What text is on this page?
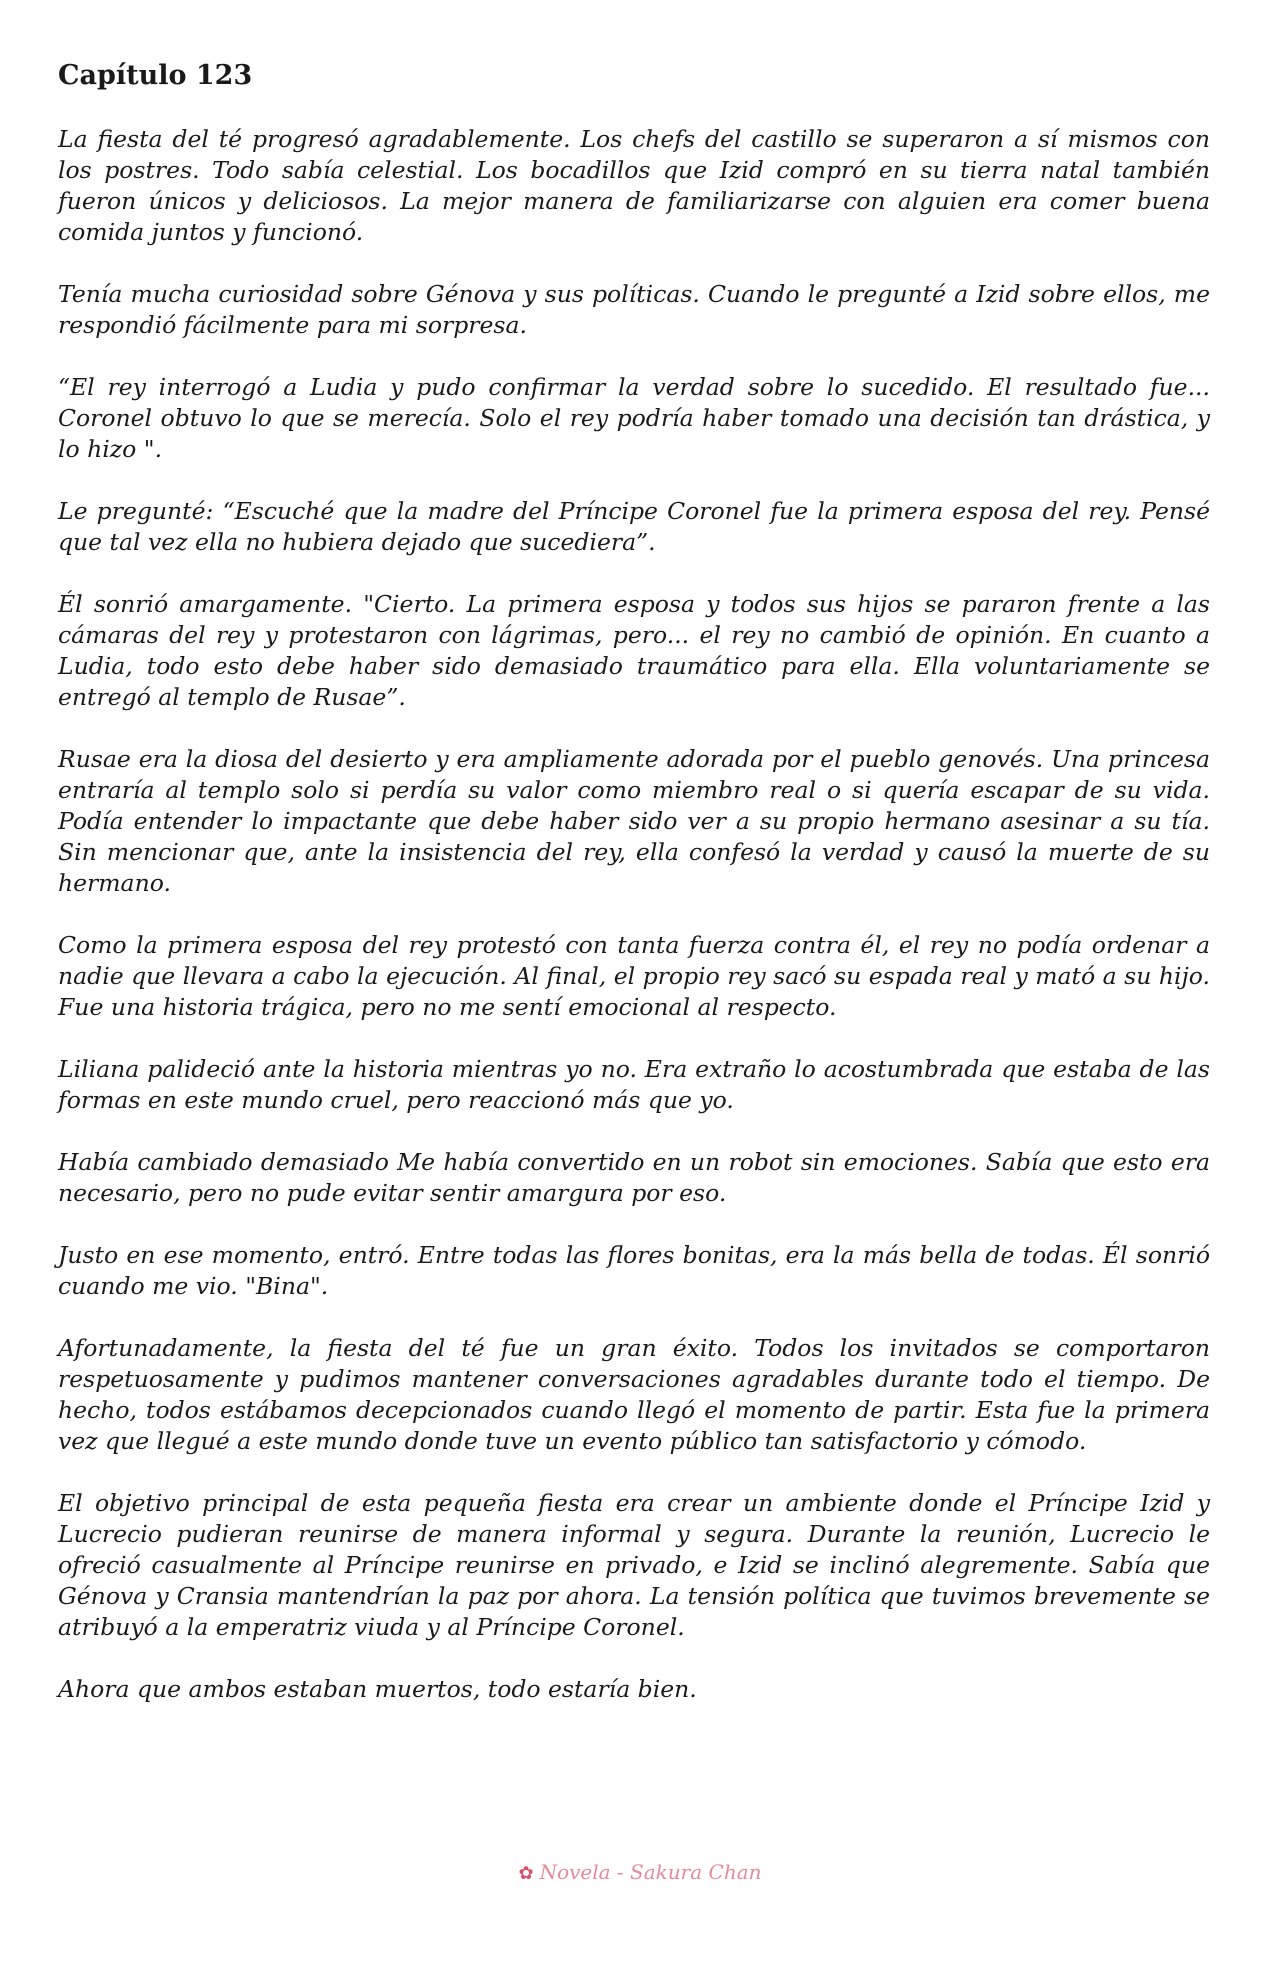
Capítulo 123

La fiesta del té progresó agradablemente. Los chefs del castillo se superaron a sí mismos con los postres. Todo sabía celestial. Los bocadillos que Izid compró en su tierra natal también fueron únicos y deliciosos. La mejor manera de familiarizarse con alguien era comer buena comida juntos y funcionó.

Tenía mucha curiosidad sobre Génova y sus políticas. Cuando le pregunté a Izid sobre ellos, me respondió fácilmente para mi sorpresa.

“El rey interrogó a Ludia y pudo confirmar la verdad sobre lo sucedido. El resultado fue... Coronel obtuvo lo que se merecía. Solo el rey podría haber tomado una decisión tan drástica, y lo hizo ".

Le pregunté: “Escuché que la madre del Príncipe Coronel fue la primera esposa del rey. Pensé que tal vez ella no hubiera dejado que sucediera”.

Él sonrió amargamente. "Cierto. La primera esposa y todos sus hijos se pararon frente a las cámaras del rey y protestaron con lágrimas, pero... el rey no cambió de opinión. En cuanto a Ludia, todo esto debe haber sido demasiado traumático para ella. Ella voluntariamente se entregó al templo de Rusae”.

Rusae era la diosa del desierto y era ampliamente adorada por el pueblo genovés. Una princesa entraría al templo solo si perdía su valor como miembro real o si quería escapar de su vida. Podía entender lo impactante que debe haber sido ver a su propio hermano asesinar a su tía. Sin mencionar que, ante la insistencia del rey, ella confesó la verdad y causó la muerte de su hermano.

Como la primera esposa del rey protestó con tanta fuerza contra él, el rey no podía ordenar a nadie que llevara a cabo la ejecución. Al final, el propio rey sacó su espada real y mató a su hijo. Fue una historia trágica, pero no me sentí emocional al respecto.

Liliana palideció ante la historia mientras yo no. Era extraño lo acostumbrada que estaba de las formas en este mundo cruel, pero reaccionó más que yo.

Había cambiado demasiado Me había convertido en un robot sin emociones. Sabía que esto era necesario, pero no pude evitar sentir amargura por eso.

Justo en ese momento, entró. Entre todas las flores bonitas, era la más bella de todas. Él sonrió cuando me vio. "Bina".

Afortunadamente, la fiesta del té fue un gran éxito. Todos los invitados se comportaron respetuosamente y pudimos mantener conversaciones agradables durante todo el tiempo. De hecho, todos estábamos decepcionados cuando llegó el momento de partir. Esta fue la primera vez que llegué a este mundo donde tuve un evento público tan satisfactorio y cómodo.

El objetivo principal de esta pequeña fiesta era crear un ambiente donde el Príncipe Izid y Lucrecio pudieran reunirse de manera informal y segura. Durante la reunión, Lucrecio le ofreció casualmente al Príncipe reunirse en privado, e Izid se inclinó alegremente. Sabía que Génova y Cransia mantendrían la paz por ahora. La tensión política que tuvimos brevemente se atribuyó a la emperatriz viuda y al Príncipe Coronel.

Ahora que ambos estaban muertos, todo estaría bien.

✿ Novela - Sakura Chan
